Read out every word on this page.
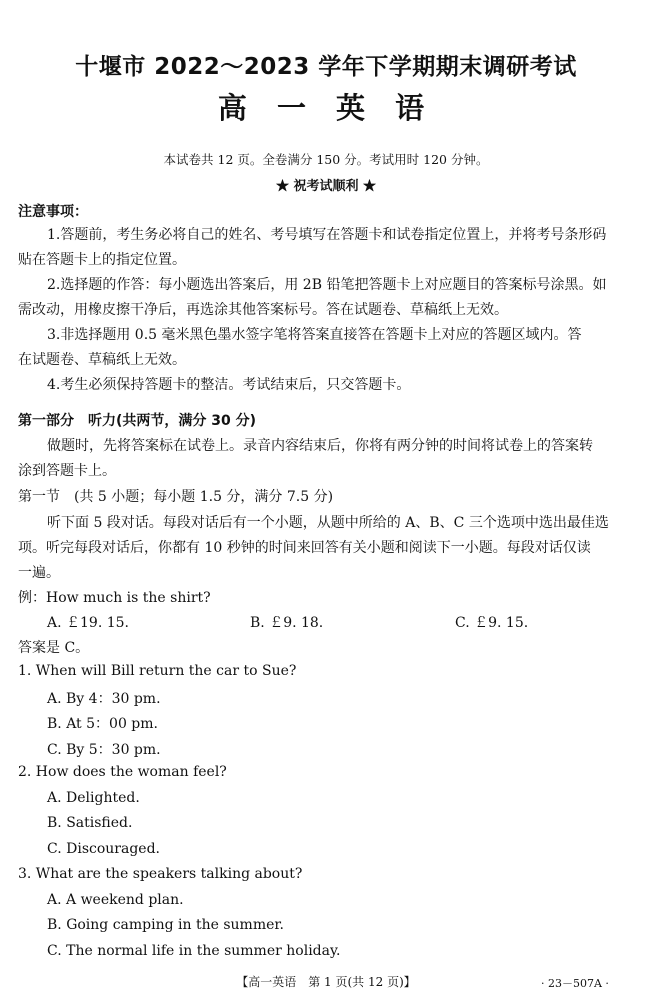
十堰市 2022～2023 学年下学期期末调研考试
高 一 英 语
本试卷共 12 页。全卷满分 150 分。考试用时 120 分钟。
★ 祝考试顺利 ★
注意事项：
1.答题前，考生务必将自己的姓名、考号填写在答题卡和试卷指定位置上，并将考号条形码
贴在答题卡上的指定位置。
2.选择题的作答：每小题选出答案后，用 2B 铅笔把答题卡上对应题目的答案标号涂黑。如
需改动，用橡皮擦干净后，再选涂其他答案标号。答在试题卷、草稿纸上无效。
3.非选择题用 0.5 毫米黑色墨水签字笔将答案直接答在答题卡上对应的答题区域内。答
在试题卷、草稿纸上无效。
4.考生必须保持答题卡的整洁。考试结束后，只交答题卡。
第一部分　听力(共两节，满分 30 分)
做题时，先将答案标在试卷上。录音内容结束后，你将有两分钟的时间将试卷上的答案转
涂到答题卡上。
第一节　(共 5 小题；每小题 1.5 分，满分 7.5 分)
听下面 5 段对话。每段对话后有一个小题，从题中所给的 A、B、C 三个选项中选出最佳选
项。听完每段对话后，你都有 10 秒钟的时间来回答有关小题和阅读下一小题。每段对话仅读
一遍。
例：How much is the shirt?
A. ￡19. 15.	B. ￡9. 18.	C. ￡9. 15.
答案是 C。
1. When will Bill return the car to Sue?
A. By 4：30 pm.
B. At 5：00 pm.
C. By 5：30 pm.
2. How does the woman feel?
A. Delighted.
B. Satisfied.
C. Discouraged.
3. What are the speakers talking about?
A. A weekend plan.
B. Going camping in the summer.
C. The normal life in the summer holiday.
【高一英语　第 1 页(共 12 页)】	· 23－507A ·
